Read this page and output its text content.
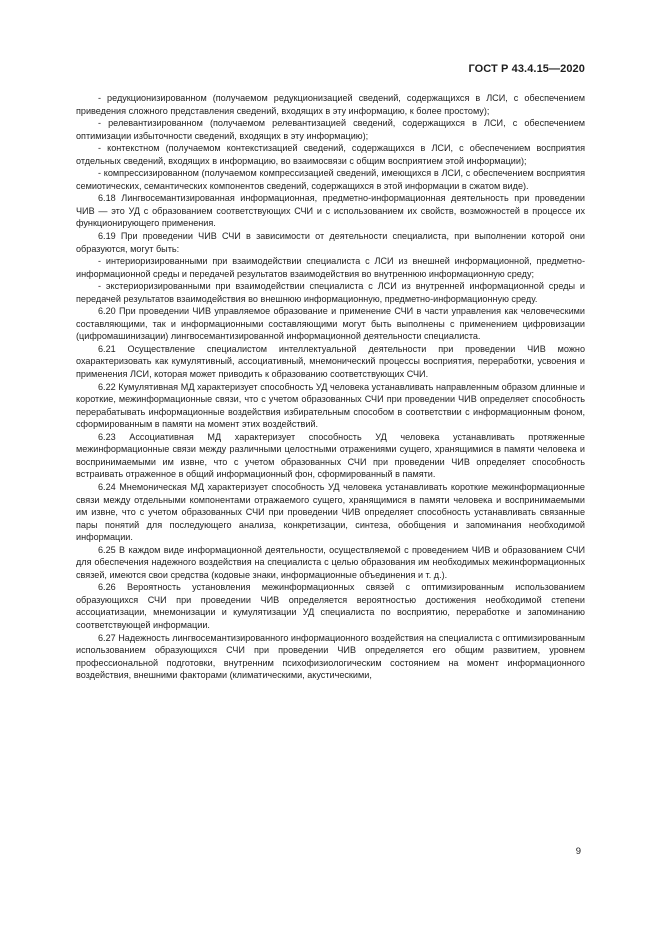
ГОСТ Р 43.4.15—2020

- редукционизированном (получаемом редукционизацией сведений, содержащихся в ЛСИ, с обеспечением приведения сложного представления сведений, входящих в эту информацию, к более простому);

- релевантизированном (получаемом релевантизацией сведений, содержащихся в ЛСИ, с обеспечением оптимизации избыточности сведений, входящих в эту информацию);

- контекстном (получаемом контекстизацией сведений, содержащихся в ЛСИ, с обеспечением восприятия отдельных сведений, входящих в информацию, во взаимосвязи с общим восприятием этой информации);

- компрессизированном (получаемом компрессизацией сведений, имеющихся в ЛСИ, с обеспечением восприятия семиотических, семантических компонентов сведений, содержащихся в этой информации в сжатом виде).

6.18 Лингвосемантизированная информационная, предметно-информационная деятельность при проведении ЧИВ — это УД с образованием соответствующих СЧИ и с использованием их свойств, возможностей в процессе их функционирующего применения.

6.19 При проведении ЧИВ СЧИ в зависимости от деятельности специалиста, при выполнении которой они образуются, могут быть:

- интериоризированными при взаимодействии специалиста с ЛСИ из внешней информационной, предметно-информационной среды и передачей результатов взаимодействия во внутреннюю информационную среду;

- экстериоризированными при взаимодействии специалиста с ЛСИ из внутренней информационной среды и передачей результатов взаимодействия во внешнюю информационную, предметно-информационную среду.

6.20 При проведении ЧИВ управляемое образование и применение СЧИ в части управления как человеческими составляющими, так и информационными составляющими могут быть выполнены с применением цифровизации (цифромашинизации) лингвосемантизированной информационной деятельности специалиста.

6.21 Осуществление специалистом интеллектуальной деятельности при проведении ЧИВ можно охарактеризовать как кумулятивный, ассоциативный, мнемонический процессы восприятия, переработки, усвоения и применения ЛСИ, которая может приводить к образованию соответствующих СЧИ.

6.22 Кумулятивная МД характеризует способность УД человека устанавливать направленным образом длинные и короткие, межинформационные связи, что с учетом образованных СЧИ при проведении ЧИВ определяет способность перерабатывать информационные воздействия избирательным способом в соответствии с информационным фоном, сформированным в памяти на момент этих воздействий.

6.23 Ассоциативная МД характеризует способность УД человека устанавливать протяженные межинформационные связи между различными целостными отражениями сущего, хранящимися в памяти человека и воспринимаемыми им извне, что с учетом образованных СЧИ при проведении ЧИВ определяет способность встраивать отраженное в общий информационный фон, сформированный в памяти.

6.24 Мнемоническая МД характеризует способность УД человека устанавливать короткие межинформационные связи между отдельными компонентами отражаемого сущего, хранящимися в памяти человека и воспринимаемыми им извне, что с учетом образованных СЧИ при проведении ЧИВ определяет способность устанавливать связанные пары понятий для последующего анализа, конкретизации, синтеза, обобщения и запоминания необходимой информации.

6.25 В каждом виде информационной деятельности, осуществляемой с проведением ЧИВ и образованием СЧИ для обеспечения надежного воздействия на специалиста с целью образования им необходимых межинформационных связей, имеются свои средства (кодовые знаки, информационные объединения и т. д.).

6.26 Вероятность установления межинформационных связей с оптимизированным использованием образующихся СЧИ при проведении ЧИВ определяется вероятностью достижения необходимой степени ассоциатизации, мнемонизации и кумулятизации УД специалиста по восприятию, переработке и запоминанию соответствующей информации.

6.27 Надежность лингвосемантизированного информационного воздействия на специалиста с оптимизированным использованием образующихся СЧИ при проведении ЧИВ определяется его общим развитием, уровнем профессиональной подготовки, внутренним психофизиологическим состоянием на момент информационного воздействия, внешними факторами (климатическими, акустическими,

9
